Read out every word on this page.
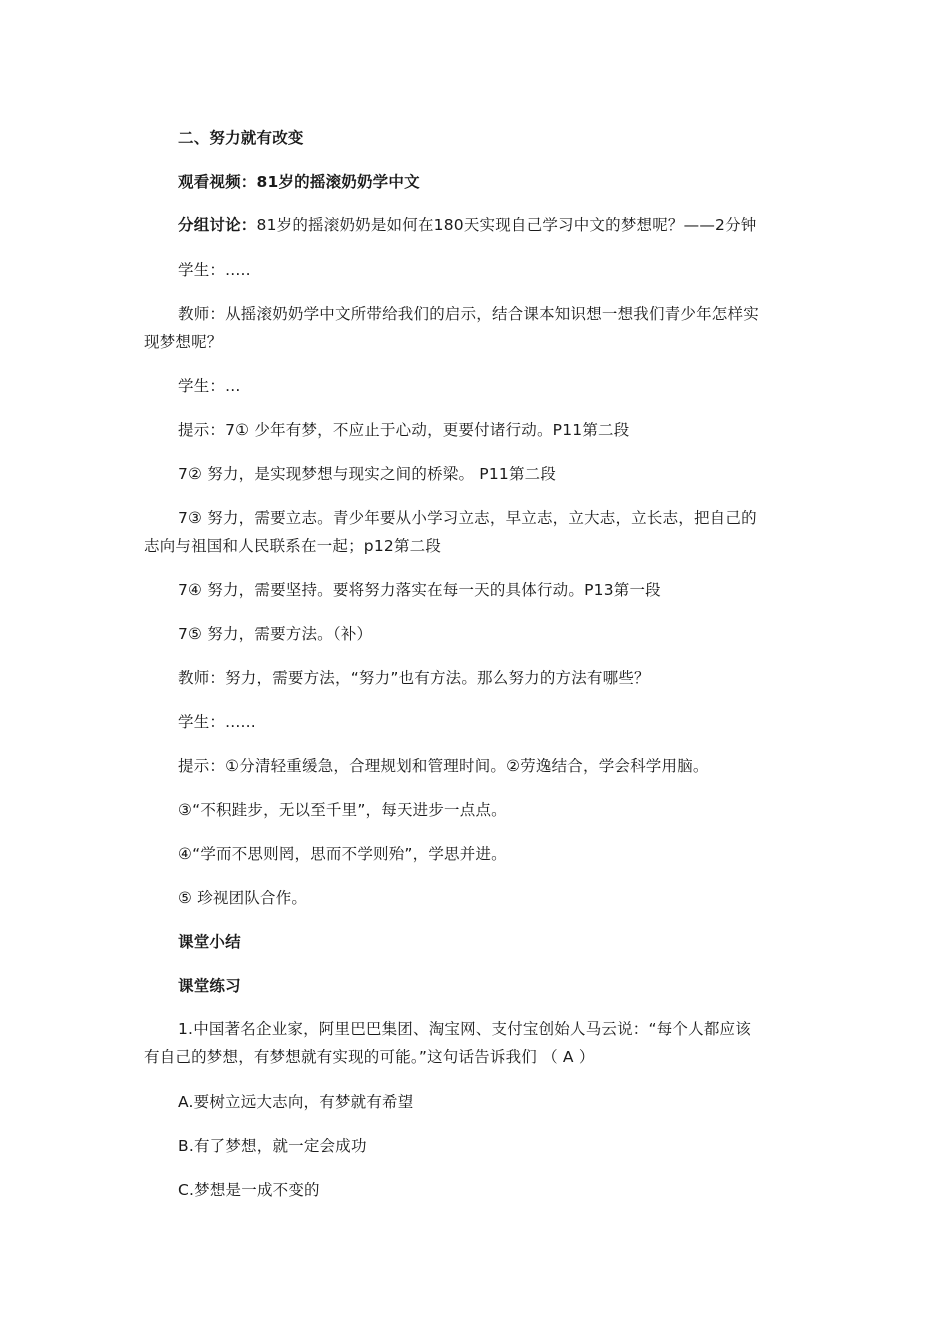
二、努力就有改变
观看视频：81岁的摇滚奶奶学中文
分组讨论：81岁的摇滚奶奶是如何在180天实现自己学习中文的梦想呢？——2分钟
学生：.....
教师：从摇滚奶奶学中文所带给我们的启示，结合课本知识想一想我们青少年怎样实
现梦想呢？
学生：...
提示：7① 少年有梦，不应止于心动，更要付诸行动。P11第二段
7② 努力，是实现梦想与现实之间的桥梁。 P11第二段
7③ 努力，需要立志。青少年要从小学习立志，早立志，立大志，立长志，把自己的
志向与祖国和人民联系在一起；p12第二段
7④ 努力，需要坚持。要将努力落实在每一天的具体行动。P13第一段
7⑤ 努力，需要方法。（补）
教师：努力，需要方法，“努力”也有方法。那么努力的方法有哪些？
学生：......
提示：①分清轻重缓急，合理规划和管理时间。②劳逸结合，学会科学用脑。
③“不积跬步，无以至千里”，每天进步一点点。
④“学而不思则罔，思而不学则殆”，学思并进。
⑤ 珍视团队合作。
课堂小结
课堂练习
1.中国著名企业家，阿里巴巴集团、淘宝网、支付宝创始人马云说：“每个人都应该
有自己的梦想，有梦想就有实现的可能。”这句话告诉我们 （ A ）
A.要树立远大志向，有梦就有希望
B.有了梦想，就一定会成功
C.梦想是一成不变的
